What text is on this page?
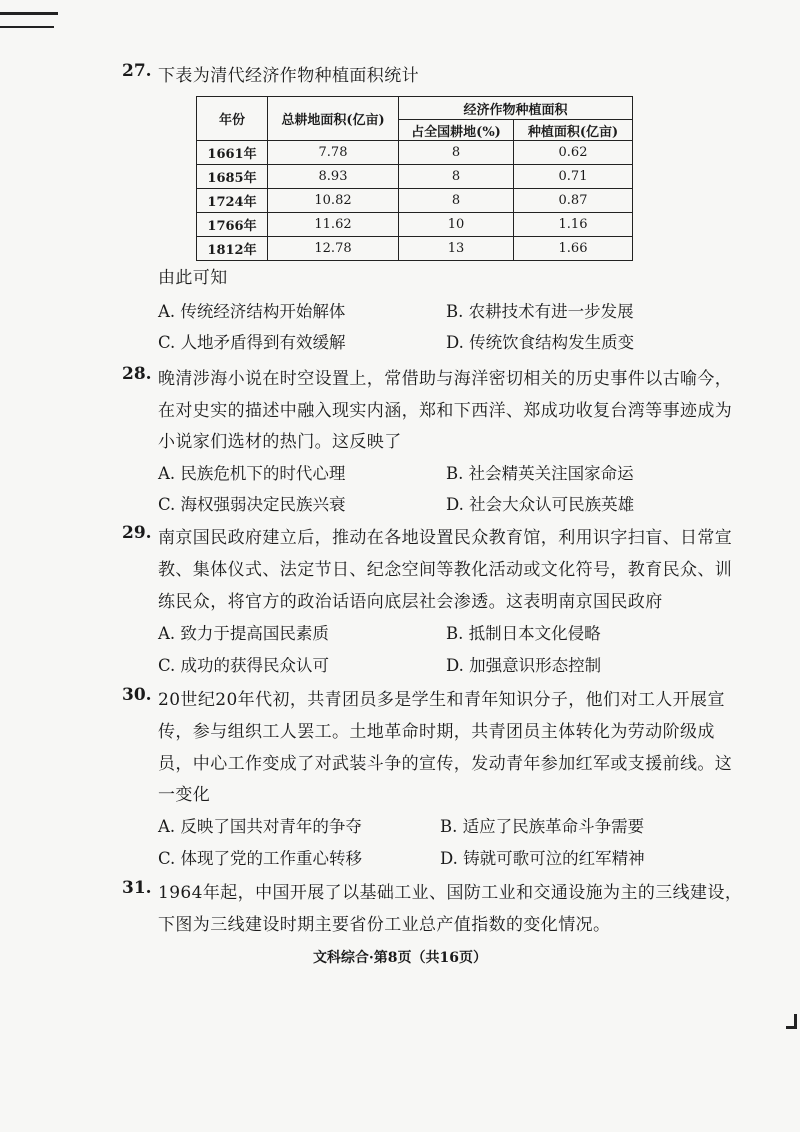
27. 下表为清代经济作物种植面积统计
年份	总耕地面积(亿亩)	经济作物种植面积	
		占全国耕地(%)	种植面积(亿亩)
1661年	7.78	8	0.62
1685年	8.93	8	0.71
1724年	10.82	8	0.87
1766年	11.62	10	1.16
1812年	12.78	13	1.66
由此可知
A. 传统经济结构开始解体	B. 农耕技术有进一步发展
C. 人地矛盾得到有效缓解	D. 传统饮食结构发生质变
28. 晚清涉海小说在时空设置上，常借助与海洋密切相关的历史事件以古喻今，
在对史实的描述中融入现实内涵，郑和下西洋、郑成功收复台湾等事迹成为
小说家们选材的热门。这反映了
A. 民族危机下的时代心理	B. 社会精英关注国家命运
C. 海权强弱决定民族兴衰	D. 社会大众认可民族英雄
29. 南京国民政府建立后，推动在各地设置民众教育馆，利用识字扫盲、日常宣
教、集体仪式、法定节日、纪念空间等教化活动或文化符号，教育民众、训
练民众，将官方的政治话语向底层社会渗透。这表明南京国民政府
A. 致力于提高国民素质	B. 抵制日本文化侵略
C. 成功的获得民众认可	D. 加强意识形态控制
30. 20世纪20年代初，共青团员多是学生和青年知识分子，他们对工人开展宣
传，参与组织工人罢工。土地革命时期，共青团员主体转化为劳动阶级成
员，中心工作变成了对武装斗争的宣传，发动青年参加红军或支援前线。这
一变化
A. 反映了国共对青年的争夺	B. 适应了民族革命斗争需要
C. 体现了党的工作重心转移	D. 铸就可歌可泣的红军精神
31. 1964年起，中国开展了以基础工业、国防工业和交通设施为主的三线建设，
下图为三线建设时期主要省份工业总产值指数的变化情况。
文科综合·第8页（共16页）
